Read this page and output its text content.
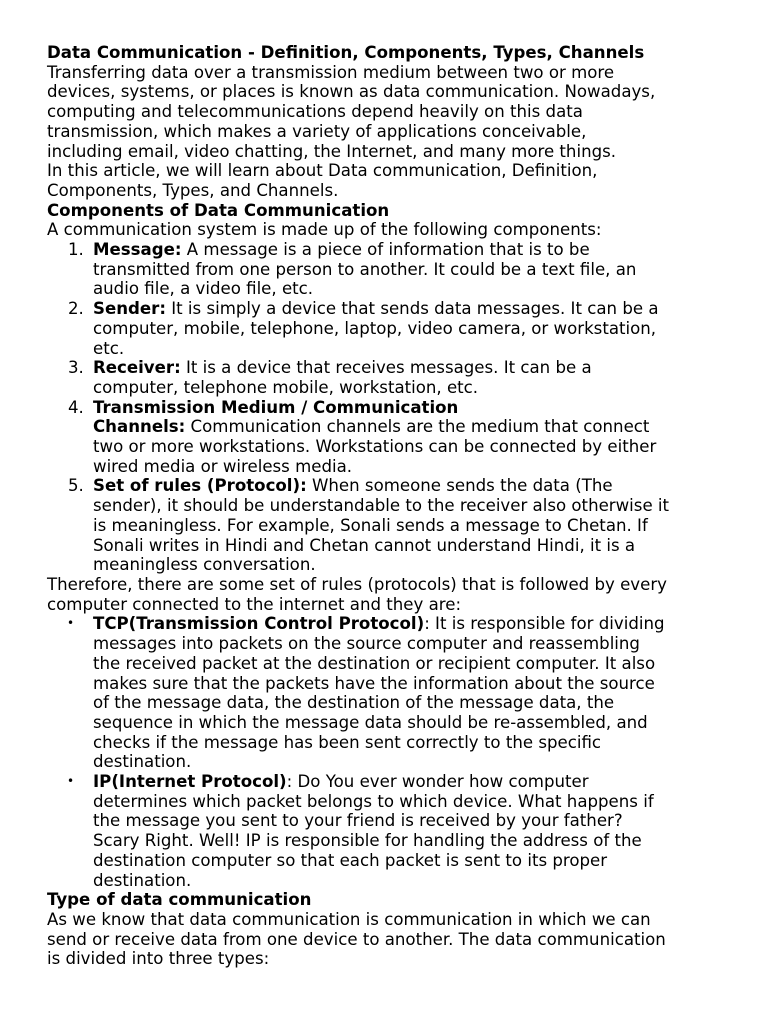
Data Communication - Definition, Components, Types, Channels
Transferring data over a transmission medium between two or more
devices, systems, or places is known as data communication. Nowadays,
computing and telecommunications depend heavily on this data
transmission, which makes a variety of applications conceivable,
including email, video chatting, the Internet, and many more things.
In this article, we will learn about Data communication, Definition,
Components, Types, and Channels.
Components of Data Communication
A communication system is made up of the following components:
1. Message: A message is a piece of information that is to be
transmitted from one person to another. It could be a text file, an
audio file, a video file, etc.
2. Sender: It is simply a device that sends data messages. It can be a
computer, mobile, telephone, laptop, video camera, or workstation,
etc.
3. Receiver: It is a device that receives messages. It can be a
computer, telephone mobile, workstation, etc.
4. Transmission Medium / Communication
Channels: Communication channels are the medium that connect
two or more workstations. Workstations can be connected by either
wired media or wireless media.
5. Set of rules (Protocol): When someone sends the data (The
sender), it should be understandable to the receiver also otherwise it
is meaningless. For example, Sonali sends a message to Chetan. If
Sonali writes in Hindi and Chetan cannot understand Hindi, it is a
meaningless conversation.
Therefore, there are some set of rules (protocols) that is followed by every
computer connected to the internet and they are:
• TCP(Transmission Control Protocol): It is responsible for dividing
messages into packets on the source computer and reassembling
the received packet at the destination or recipient computer. It also
makes sure that the packets have the information about the source
of the message data, the destination of the message data, the
sequence in which the message data should be re-assembled, and
checks if the message has been sent correctly to the specific
destination.
• IP(Internet Protocol): Do You ever wonder how computer
determines which packet belongs to which device. What happens if
the message you sent to your friend is received by your father?
Scary Right. Well! IP is responsible for handling the address of the
destination computer so that each packet is sent to its proper
destination.
Type of data communication
As we know that data communication is communication in which we can
send or receive data from one device to another. The data communication
is divided into three types:
